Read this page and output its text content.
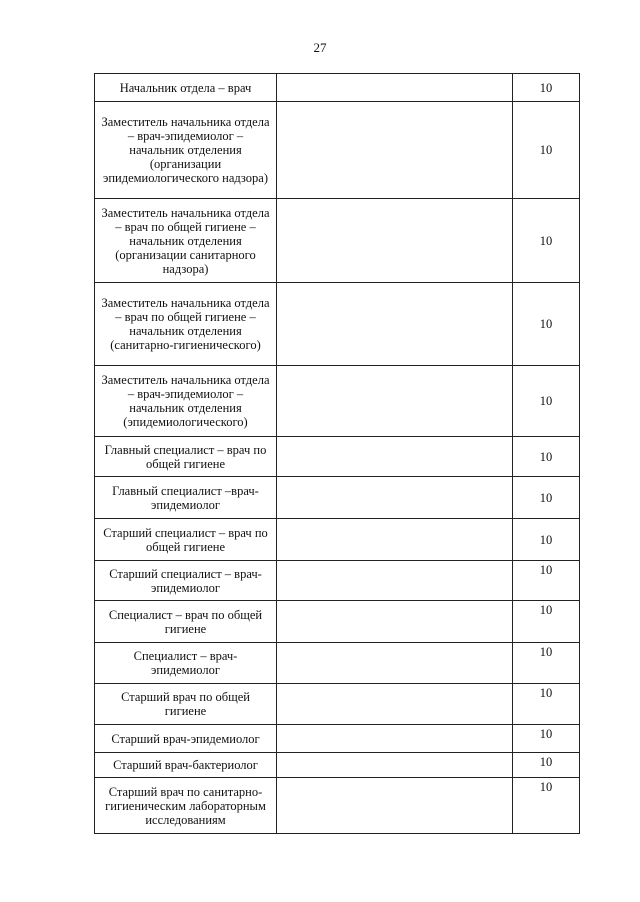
27
Начальник отдела – врач		10
Заместитель начальника отдела – врач-эпидемиолог – начальник отделения (организации эпидемиологического надзора)		10
Заместитель начальника отдела – врач по общей гигиене – начальник отделения (организации санитарного надзора)		10
Заместитель начальника отдела – врач по общей гигиене – начальник отделения (санитарно-гигиенического)		10
Заместитель начальника отдела – врач-эпидемиолог – начальник отделения (эпидемиологического)		10
Главный специалист – врач по общей гигиене		10
Главный специалист –врач-эпидемиолог		10
Старший специалист – врач по общей гигиене		10
Старший специалист – врач-эпидемиолог		10
Специалист – врач по общей гигиене		10
Специалист – врач-эпидемиолог		10
Старший врач по общей гигиене		10
Старший врач-эпидемиолог		10
Старший врач-бактериолог		10
Старший врач по санитарно-гигиеническим лабораторным исследованиям		10
